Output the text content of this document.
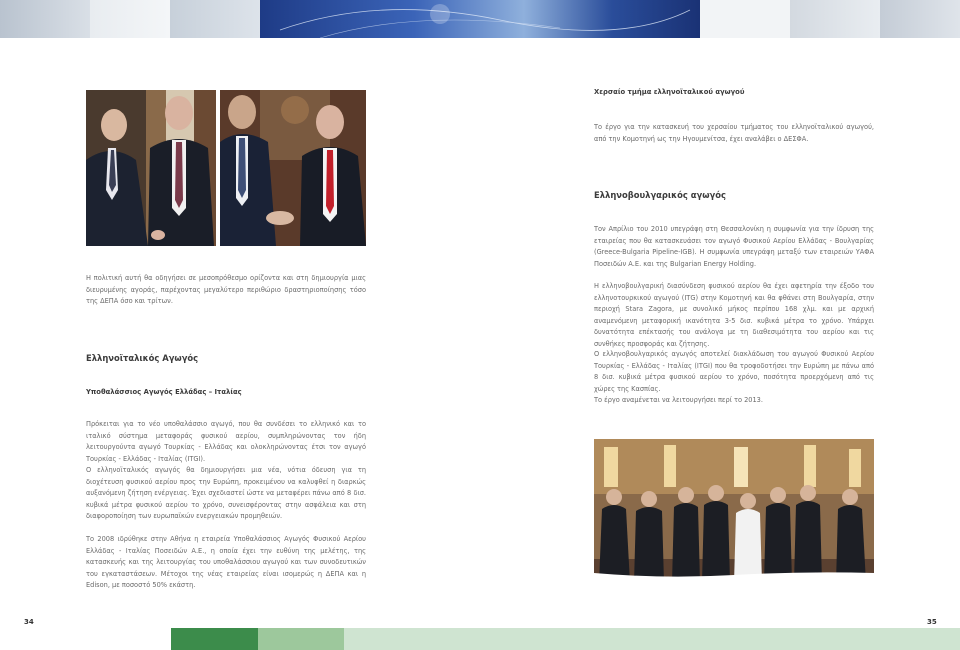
Η πολιτική αυτή θα οδηγήσει σε μεσοπρόθεσμο ορίζοντα και στη δημιουργία μιας διευρυμένης αγοράς, παρέχοντας μεγαλύτερο περιθώριο δραστηριοποίησης τόσο της ΔΕΠΑ όσο και τρίτων.
Ελληνοϊταλικός Αγωγός
Υποθαλάσσιος Αγωγός Ελλάδας – Ιταλίας
Πρόκειται για το νέο υποθαλάσσιο αγωγό, που θα συνδέσει το ελληνικό και το ιταλικό σύστημα μεταφοράς φυσικού αερίου, συμπληρώνοντας τον ήδη λειτουργούντα αγωγό Τουρκίας - Ελλάδας και ολοκληρώνοντας έτσι τον αγωγό Τουρκίας - Ελλάδας - Ιταλίας (ITGI).
Ο ελληνοϊταλικός αγωγός θα δημιουργήσει μια νέα, νότια όδευση για τη διοχέτευση φυσικού αερίου προς την Ευρώπη, προκειμένου να καλυφθεί η διαρκώς αυξανόμενη ζήτηση ενέργειας. Έχει σχεδιαστεί ώστε να μεταφέρει πάνω από 8 δισ. κυβικά μέτρα φυσικού αερίου το χρόνο, συνεισφέροντας στην ασφάλεια και στη διαφοροποίηση των ευρωπαϊκών ενεργειακών προμηθειών.
Το 2008 ιδρύθηκε στην Αθήνα η εταιρεία Υποθαλάσσιος Αγωγός Φυσικού Αερίου Ελλάδας - Ιταλίας Ποσειδών Α.Ε., η οποία έχει την ευθύνη της μελέτης, της κατασκευής και της λειτουργίας του υποθαλάσσιου αγωγού και των συνοδευτικών του εγκαταστάσεων. Μέτοχοι της νέας εταιρείας είναι ισομερώς η ΔΕΠΑ και η Edison, με ποσοστό 50% εκάστη.
Χερσαίο τμήμα ελληνοϊταλικού αγωγού
Το έργο για την κατασκευή του χερσαίου τμήματος του ελληνοϊταλικού αγωγού, από την Κομοτηνή ως την Ηγουμενίτσα, έχει αναλάβει ο ΔΕΣΦΑ.
Ελληνοβουλγαρικός αγωγός
Τον Απρίλιο του 2010 υπεγράφη στη Θεσσαλονίκη η συμφωνία για την ίδρυση της εταιρείας που θα κατασκευάσει τον αγωγό Φυσικού Αερίου Ελλάδας - Βουλγαρίας (Greece-Bulgaria Pipeline-IGB). Η συμφωνία υπεγράφη μεταξύ των εταιρειών ΥΑΦΑ Ποσειδών Α.Ε. και της Bulgarian Energy Holding.
Η ελληνοβουλγαρική διασύνδεση φυσικού αερίου θα έχει αφετηρία την έξοδο του ελληνοτουρκικού αγωγού (ITG) στην Κομοτηνή και θα φθάνει στη Βουλγαρία, στην περιοχή Stara Zagora, με συνολικό μήκος περίπου 168 χλμ. και με αρχική αναμενόμενη μεταφορική ικανότητα 3-5 δισ. κυβικά μέτρα το χρόνο. Υπάρχει δυνατότητα επέκτασής του ανάλογα με τη διαθεσιμότητα του αερίου και τις συνθήκες προσφοράς και ζήτησης.
Ο ελληνοβουλγαρικός αγωγός αποτελεί διακλάδωση του αγωγού Φυσικού Αερίου Τουρκίας - Ελλάδας - Ιταλίας (ITGI) που θα τροφοδοτήσει την Ευρώπη με πάνω από 8 δισ. κυβικά μέτρα φυσικού αερίου το χρόνο, ποσότητα προερχόμενη από τις χώρες της Κασπίας.
Το έργο αναμένεται να λειτουργήσει περί το 2013.
34	35
